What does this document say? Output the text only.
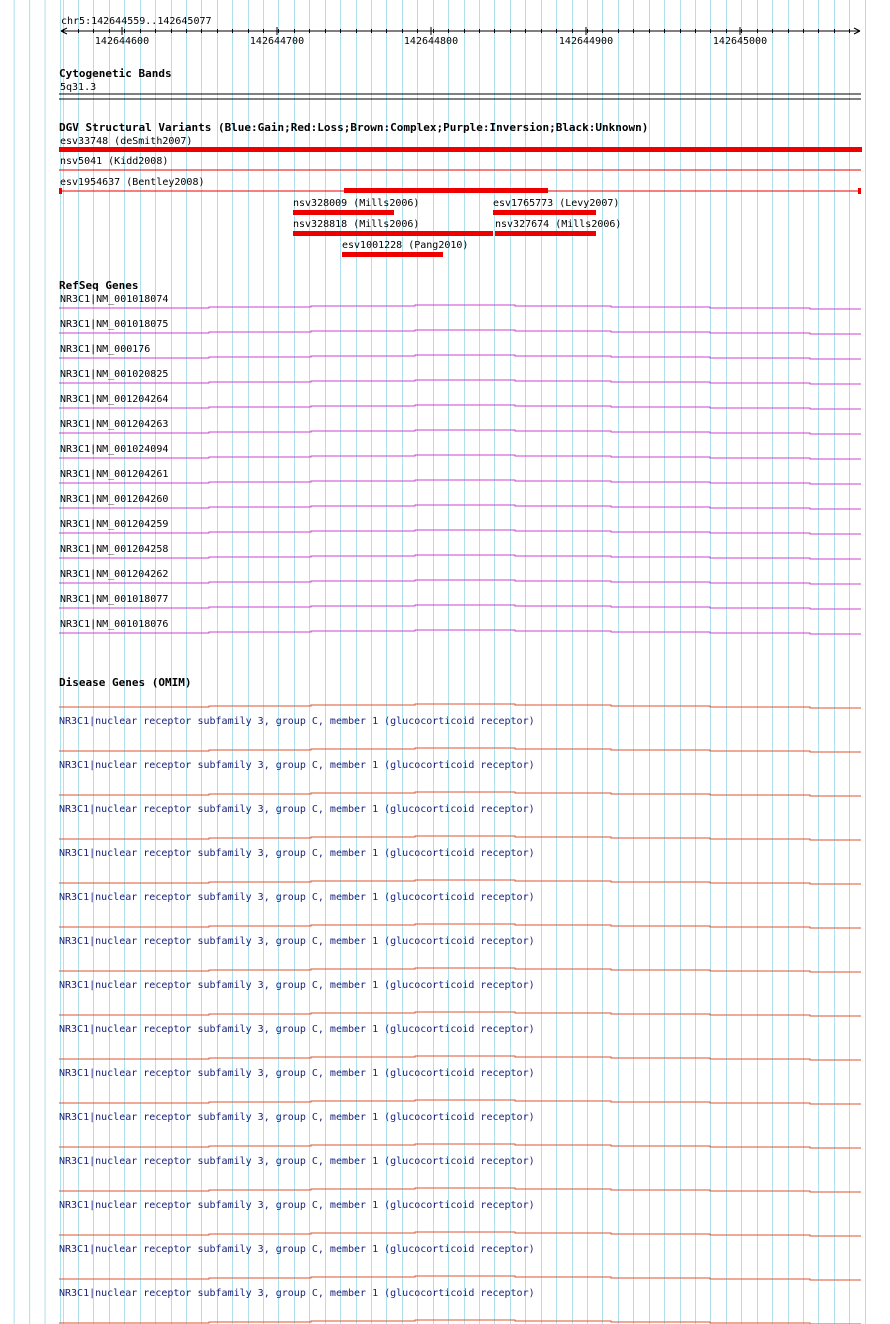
chr5:142644559..142645077
142644600	142644700	142644800	142644900	142645000
Cytogenetic Bands
5q31.3
DGV Structural Variants (Blue:Gain;Red:Loss;Brown:Complex;Purple:Inversion;Black:Unknown)
esv33748 (deSmith2007)
nsv5041 (Kidd2008)
esv1954637 (Bentley2008)
nsv328009 (Mills2006)	esv1765773 (Levy2007)
nsv328818 (Mills2006)	nsv327674 (Mills2006)
esv1001228 (Pang2010)
RefSeq Genes
NR3C1|NM_001018074
NR3C1|NM_001018075
NR3C1|NM_000176
NR3C1|NM_001020825
NR3C1|NM_001204264
NR3C1|NM_001204263
NR3C1|NM_001024094
NR3C1|NM_001204261
NR3C1|NM_001204260
NR3C1|NM_001204259
NR3C1|NM_001204258
NR3C1|NM_001204262
NR3C1|NM_001018077
NR3C1|NM_001018076
Disease Genes (OMIM)
NR3C1|nuclear receptor subfamily 3, group C, member 1 (glucocorticoid receptor)
NR3C1|nuclear receptor subfamily 3, group C, member 1 (glucocorticoid receptor)
NR3C1|nuclear receptor subfamily 3, group C, member 1 (glucocorticoid receptor)
NR3C1|nuclear receptor subfamily 3, group C, member 1 (glucocorticoid receptor)
NR3C1|nuclear receptor subfamily 3, group C, member 1 (glucocorticoid receptor)
NR3C1|nuclear receptor subfamily 3, group C, member 1 (glucocorticoid receptor)
NR3C1|nuclear receptor subfamily 3, group C, member 1 (glucocorticoid receptor)
NR3C1|nuclear receptor subfamily 3, group C, member 1 (glucocorticoid receptor)
NR3C1|nuclear receptor subfamily 3, group C, member 1 (glucocorticoid receptor)
NR3C1|nuclear receptor subfamily 3, group C, member 1 (glucocorticoid receptor)
NR3C1|nuclear receptor subfamily 3, group C, member 1 (glucocorticoid receptor)
NR3C1|nuclear receptor subfamily 3, group C, member 1 (glucocorticoid receptor)
NR3C1|nuclear receptor subfamily 3, group C, member 1 (glucocorticoid receptor)
NR3C1|nuclear receptor subfamily 3, group C, member 1 (glucocorticoid receptor)
